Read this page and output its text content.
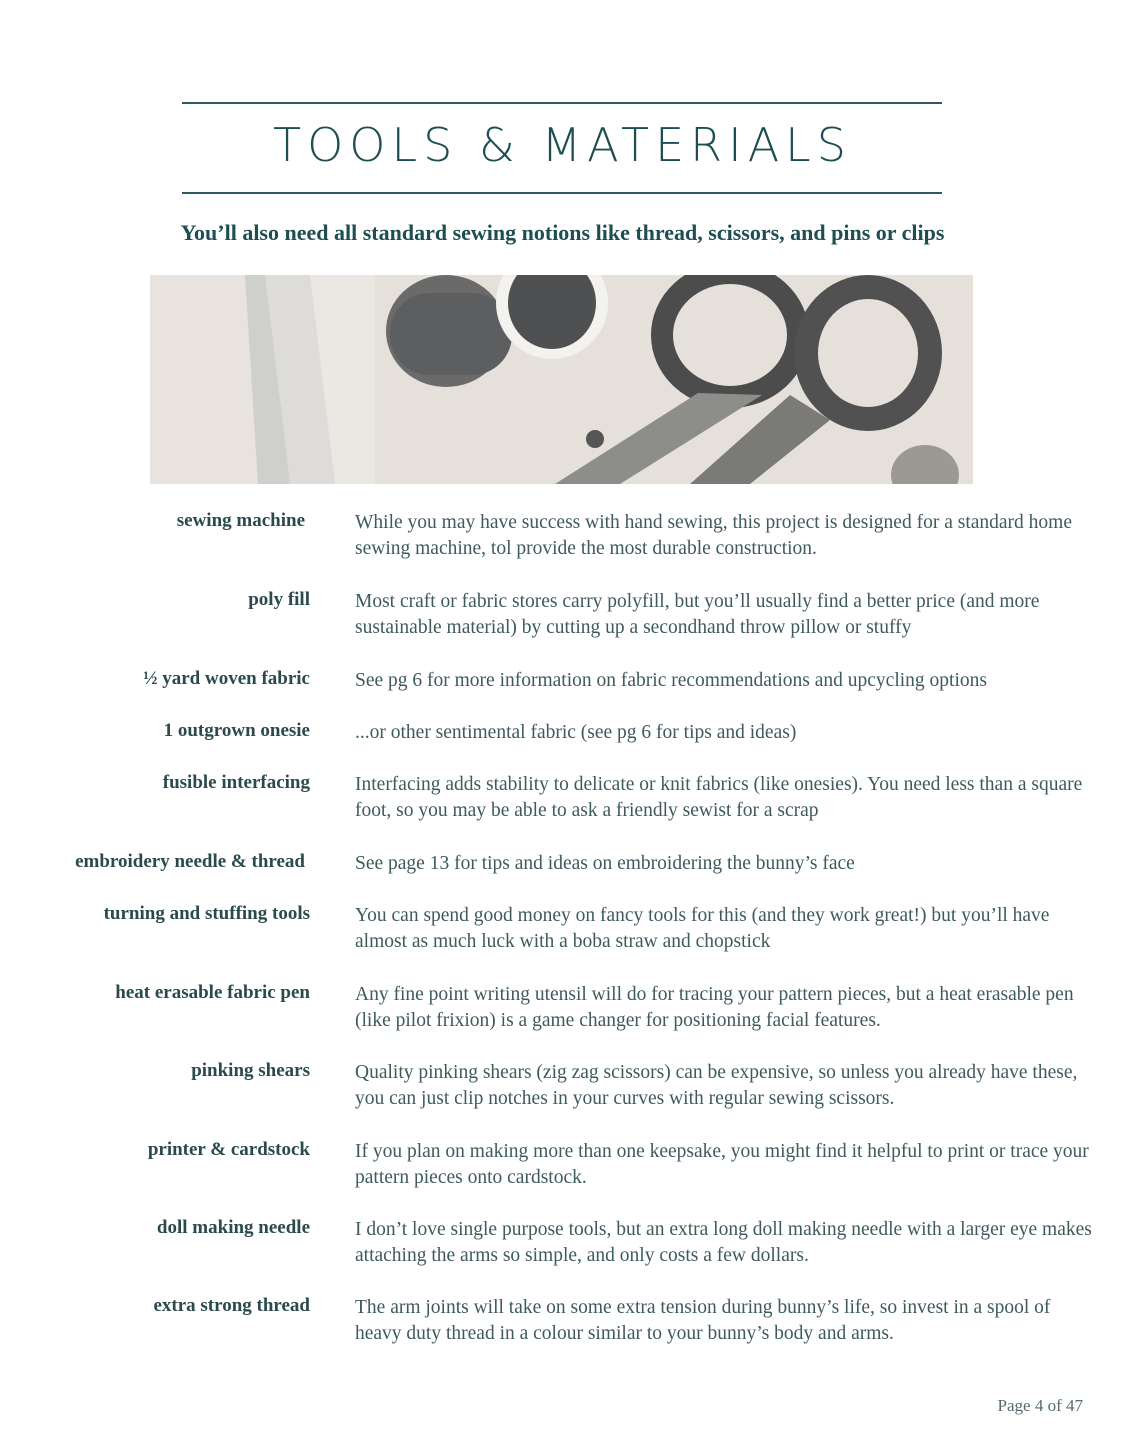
TOOLS & MATERIALS
You’ll also need all standard sewing notions like thread, scissors, and pins or clips
sewing machine	While you may have success with hand sewing, this project is designed for a standard home sewing machine, tol provide the most durable construction.
poly fill Most craft or fabric stores carry polyfill, but you’ll usually find a better price (and more sustainable material) by cutting up a secondhand throw pillow or stuffy
½ yard woven fabric See pg 6 for more information on fabric recommendations and upcycling options
1 outgrown onesie ...or other sentimental fabric (see pg 6 for tips and ideas)
fusible interfacing Interfacing adds stability to delicate or knit fabrics (like onesies). You need less than a square foot, so you may be able to ask a friendly sewist for a scrap
embroidery needle & thread	See page 13 for tips and ideas on embroidering the bunny’s face
turning and stuffing tools You can spend good money on fancy tools for this (and they work great!) but you’ll have almost as much luck with a boba straw and chopstick
heat erasable fabric pen Any fine point writing utensil will do for tracing your pattern pieces, but a heat erasable pen (like pilot frixion) is a game changer for positioning facial features.
pinking shears Quality pinking shears (zig zag scissors) can be expensive, so unless you already have these, you can just clip notches in your curves with regular sewing scissors.
printer & cardstock If you plan on making more than one keepsake, you might find it helpful to print or trace your pattern pieces onto cardstock.
doll making needle I don’t love single purpose tools, but an extra long doll making needle with a larger eye makes attaching the arms so simple, and only costs a few dollars.
extra strong thread The arm joints will take on some extra tension during bunny’s life, so invest in a spool of heavy duty thread in a colour similar to your bunny’s body and arms.
Page 4 of 47
